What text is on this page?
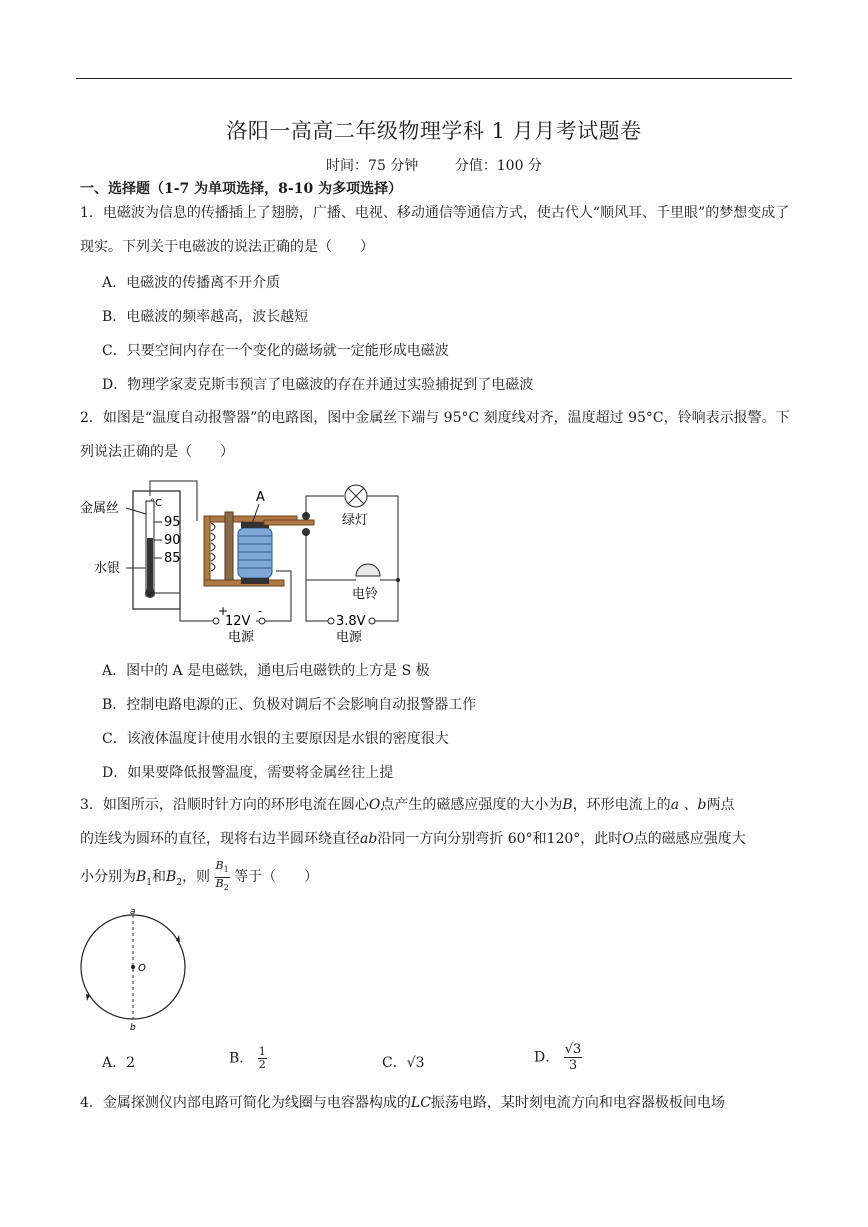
洛阳一高高二年级物理学科 1 月月考试题卷
时间：75 分钟	分值：100 分
一、选择题（1-7 为单项选择，8-10 为多项选择）
1．电磁波为信息的传播插上了翅膀，广播、电视、移动通信等通信方式，使古代人“顺风耳、千里眼”的梦想变成了现实。下列关于电磁波的说法正确的是（　　）
A．电磁波的传播离不开介质
B．电磁波的频率越高，波长越短
C．只要空间内存在一个变化的磁场就一定能形成电磁波
D．物理学家麦克斯韦预言了电磁波的存在并通过实验捕捉到了电磁波
2．如图是“温度自动报警器”的电路图，图中金属丝下端与 95°C 刻度线对齐，温度超过 95°C，铃响表示报警。下列说法正确的是（　　）
°C
95
90
85
金属丝
水银
A
绿灯
电铃
+ -
12V
电源
3.8V
电源
A．图中的 A 是电磁铁，通电后电磁铁的上方是 S 极
B．控制电路电源的正、负极对调后不会影响自动报警器工作
C．该液体温度计使用水银的主要原因是水银的密度很大
D．如果要降低报警温度，需要将金属丝往上提
3．如图所示，沿顺时针方向的环形电流在圆心O点产生的磁感应强度的大小为B，环形电流上的a 、b两点
的连线为圆环的直径，现将右边半圆环绕直径ab沿同一方向分别弯折 60°和120°，此时O点的磁感应强度大
小分别为$B_1$和$B_2$，则 $\frac{B_1}{B_2}$ 等于（　　）
a
b
O
A．2	B． $\frac{1}{2}$	C．√3	D． $\frac{√3}{3}$
4．金属探测仪内部电路可简化为线圈与电容器构成的LC振荡电路，某时刻电流方向和电容器极板间电场
